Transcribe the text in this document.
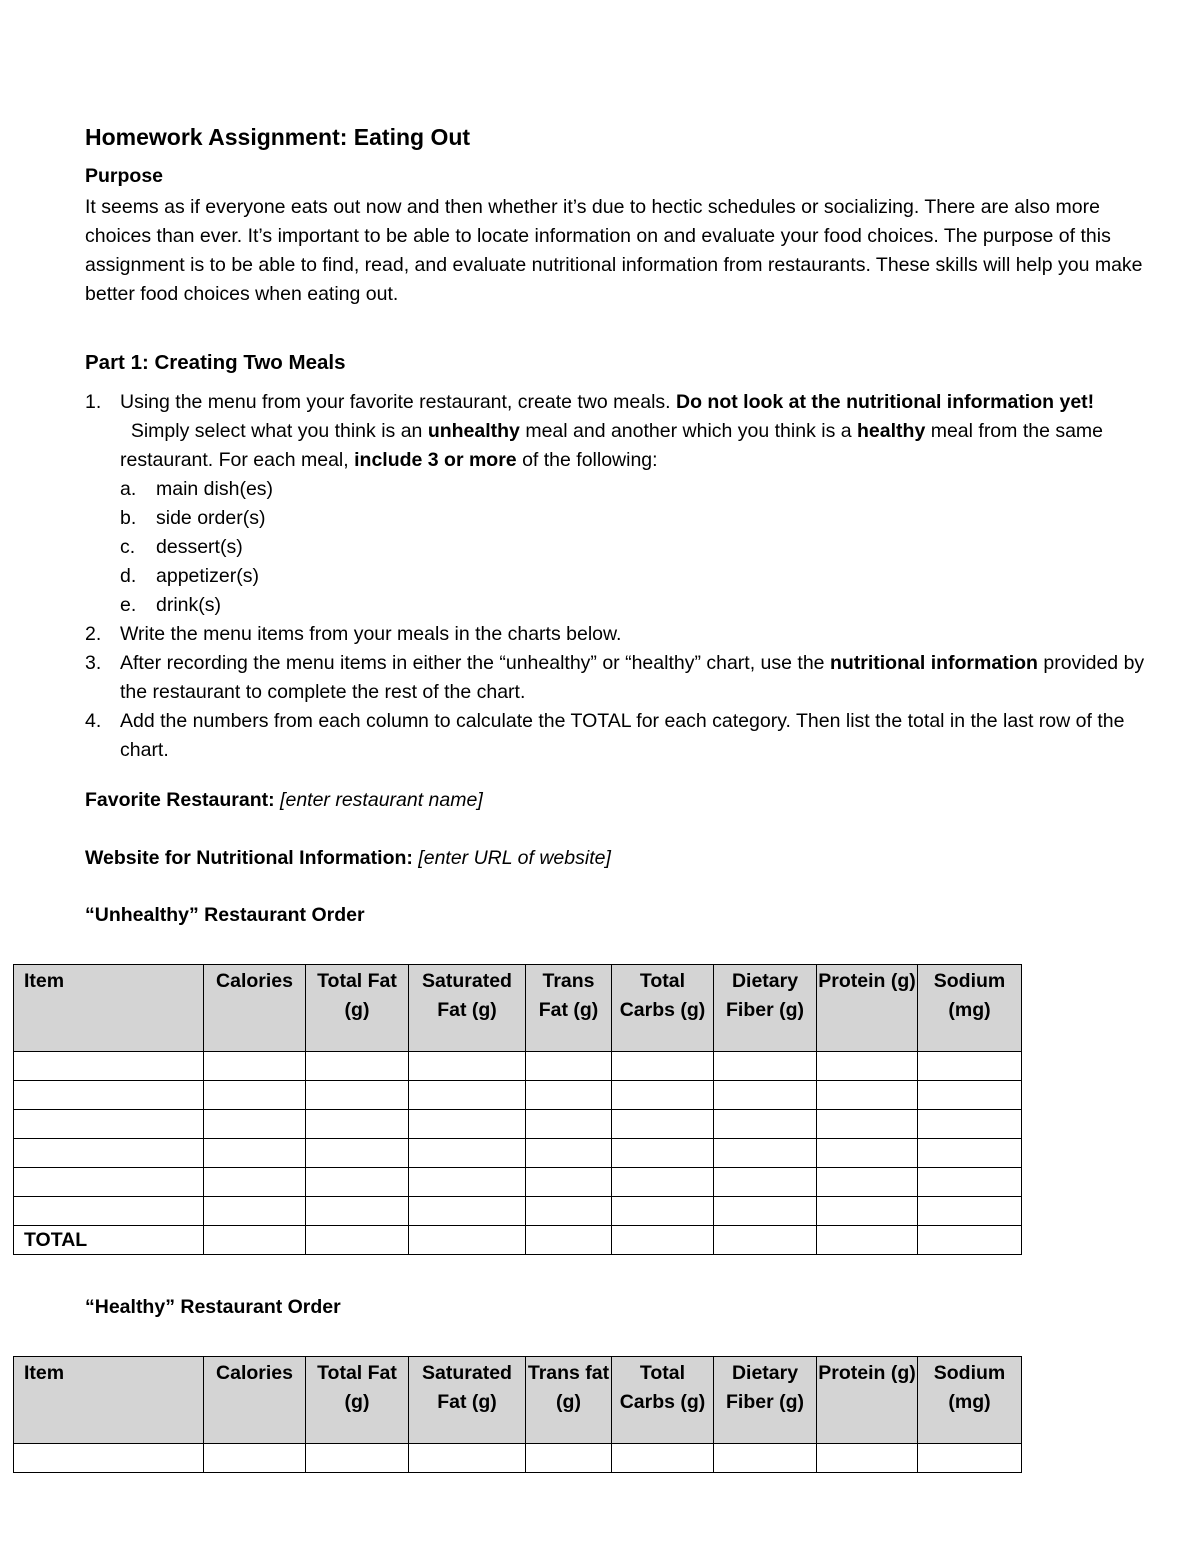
Homework Assignment: Eating Out
Purpose

It seems as if everyone eats out now and then whether it’s due to hectic schedules or socializing. There are also more choices than ever. It’s important to be able to locate information on and evaluate your food choices. The purpose of this assignment is to be able to find, read, and evaluate nutritional information from restaurants. These skills will help you make better food choices when eating out.

Part 1: Creating Two Meals
1. Using the menu from your favorite restaurant, create two meals. Do not look at the nutritional information yet!  Simply select what you think is an unhealthy meal and another which you think is a healthy meal from the same restaurant. For each meal, include 3 or more of the following:
a. main dish(es)
b. side order(s)
c. dessert(s)
d. appetizer(s)
e. drink(s)
2. Write the menu items from your meals in the charts below.
3. After recording the menu items in either the “unhealthy” or “healthy” chart, use the nutritional information provided by the restaurant to complete the rest of the chart.
4. Add the numbers from each column to calculate the TOTAL for each category. Then list the total in the last row of the chart.
Favorite Restaurant: [enter restaurant name]
Website for Nutritional Information: [enter URL of website]
“Unhealthy” Restaurant Order
Item	Calories	Total Fat (g)	Saturated Fat (g)	Trans Fat (g)	Total Carbs (g)	Dietary Fiber (g)	Protein (g)	Sodium (mg)

TOTAL								
“Healthy” Restaurant Order
Item	Calories	Total Fat (g)	Saturated Fat (g)	Trans fat (g)	Total Carbs (g)	Dietary Fiber (g)	Protein (g)	Sodium (mg)
